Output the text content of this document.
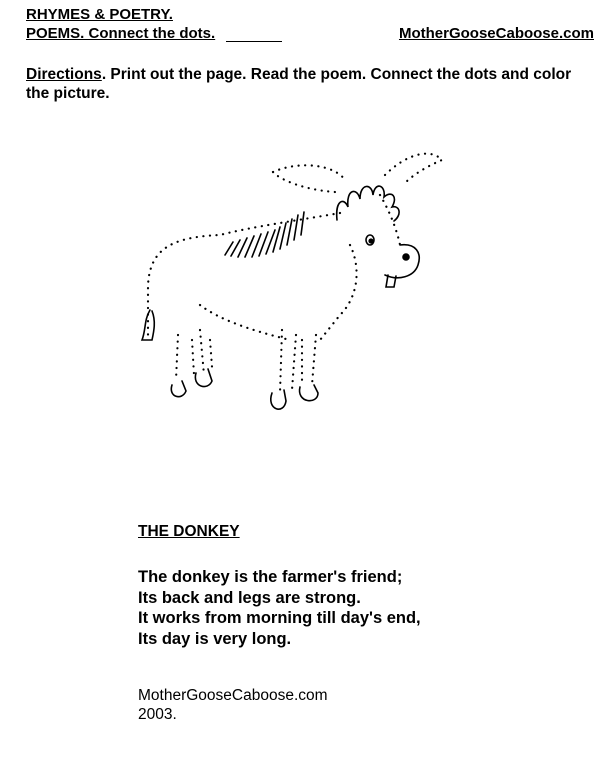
RHYMES & POETRY.
POEMS. Connect the dots.	MotherGooseCaboose.com
Directions. Print out the page. Read the poem. Connect the dots and color the picture.
THE DONKEY
The donkey is the farmer's friend;
Its back and legs are strong.
It works from morning till day's end,
Its day is very long.
MotherGooseCaboose.com
2003.
